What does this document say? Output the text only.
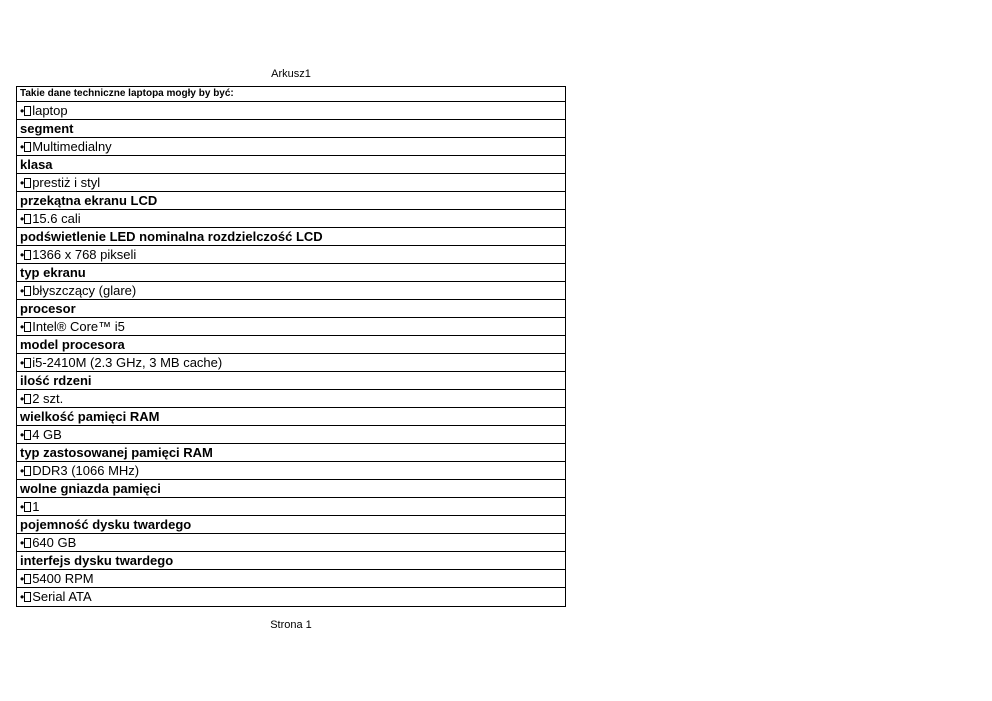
Arkusz1
Takie dane techniczne laptopa mogły by być:
• laptop
segment
• Multimedialny
klasa
• prestiż i styl
przekątna ekranu LCD
• 15.6 cali
podświetlenie LED nominalna rozdzielczość LCD
• 1366 x 768 pikseli
typ ekranu
• błyszczący (glare)
procesor
• Intel® Core™ i5
model procesora
• i5-2410M (2.3 GHz, 3 MB cache)
ilość rdzeni
• 2 szt.
wielkość pamięci RAM
• 4 GB
typ zastosowanej pamięci RAM
• DDR3 (1066 MHz)
wolne gniazda pamięci
• 1
pojemność dysku twardego
• 640 GB
interfejs dysku twardego
• 5400 RPM
• Serial ATA
Strona 1
